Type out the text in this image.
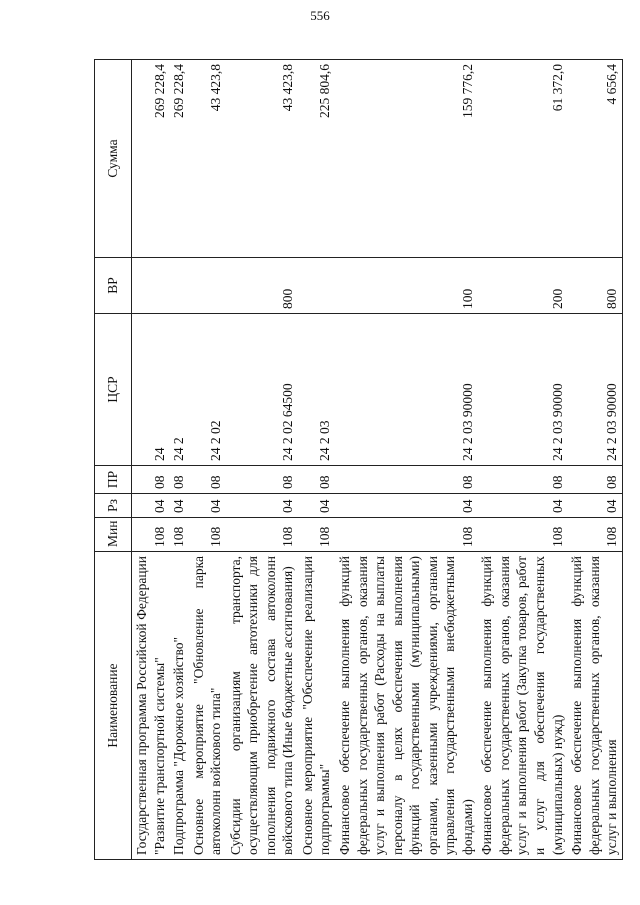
556
Наименование	Мин	Рз	ПР	ЦСР	ВР	Сумма
Государственная программа Российской Федерации "Развитие транспортной системы"	108	04	08	24		269 228,4
Подпрограмма "Дорожное хозяйство"	108	04	08	24 2		269 228,4
Основное мероприятие "Обновление парка автоколонн войскового типа"	108	04	08	24 2 02		43 423,8
Субсидии организациям транспорта, осуществляющим приобретение автотехники для пополнения подвижного состава автоколонн войскового типа (Иные бюджетные ассигнования)	108	04	08	24 2 02 64500	800	43 423,8
Основное мероприятие "Обеспечение реализации подпрограммы"	108	04	08	24 2 03		225 804,6
Финансовое обеспечение выполнения функций федеральных государственных органов, оказания услуг и выполнения работ (Расходы на выплаты персоналу в целях обеспечения выполнения функций государственными (муниципальными) органами, казенными учреждениями, органами управления государственными внебюджетными фондами)	108	04	08	24 2 03 90000	100	159 776,2
Финансовое обеспечение выполнения функций федеральных государственных органов, оказания услуг и выполнения работ (Закупка товаров, работ и услуг для обеспечения государственных (муниципальных) нужд)	108	04	08	24 2 03 90000	200	61 372,0
Финансовое обеспечение выполнения функций федеральных государственных органов, оказания услуг и выполнения	108	04	08	24 2 03 90000	800	4 656,4
